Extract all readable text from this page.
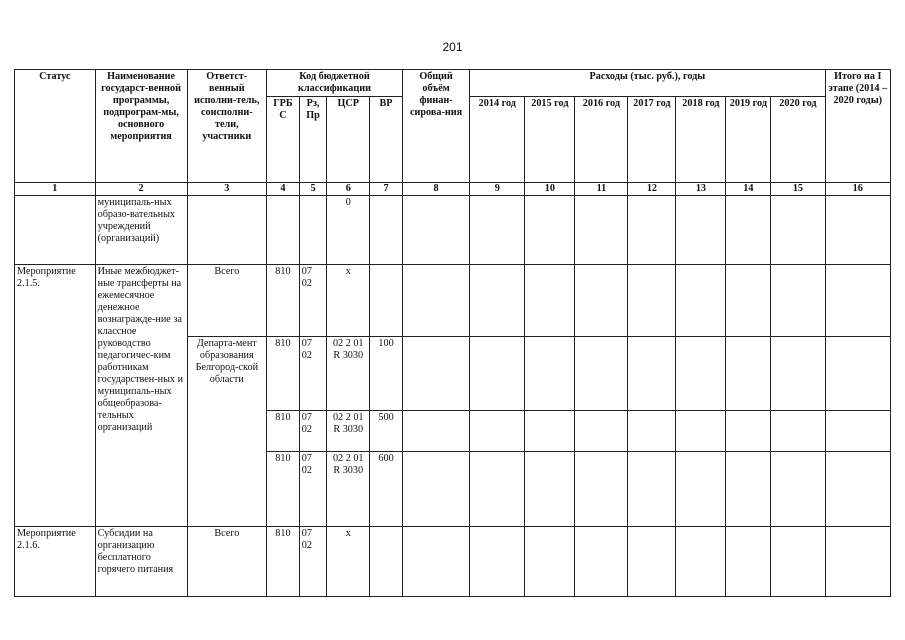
201
Статус	Наименование государст-венной программы, подпрограм-мы, основного мероприятия	Ответст-венный исполни-тель, соисполни-тели, участники	Код бюджетной классификации				Общий объём финан-сирова-ния	Расходы (тыс. руб.), годы							Итого на I этапе (2014 – 2020 годы)
			ГРБ С	Рз, Пр	ЦСР	ВР		2014 год	2015 год	2016 год	2017 год	2018 год	2019 год	2020 год	
1	2	3	4	5	6	7	8	9	10	11	12	13	14	15	16
	муниципаль-ных образо-вательных учреждений (организаций)				0										
Мероприятие 2.1.5.	Иные межбюджет-ные трансферты на ежемесячное денежное вознагражде-ние за классное руководство педагогичес-ким работникам государствен-ных и муниципаль-ных общеобразова-тельных организаций	Всего	810	07 02	х										
		Департа-мент образования Белгород-ской области	810	07 02	02 2 01 R 3030	100									
			810	07 02	02 2 01 R 3030	500									
			810	07 02	02 2 01 R 3030	600									
Мероприятие 2.1.6.	Субсидии на организацию бесплатного горячего питания	Всего	810	07 02	х										
